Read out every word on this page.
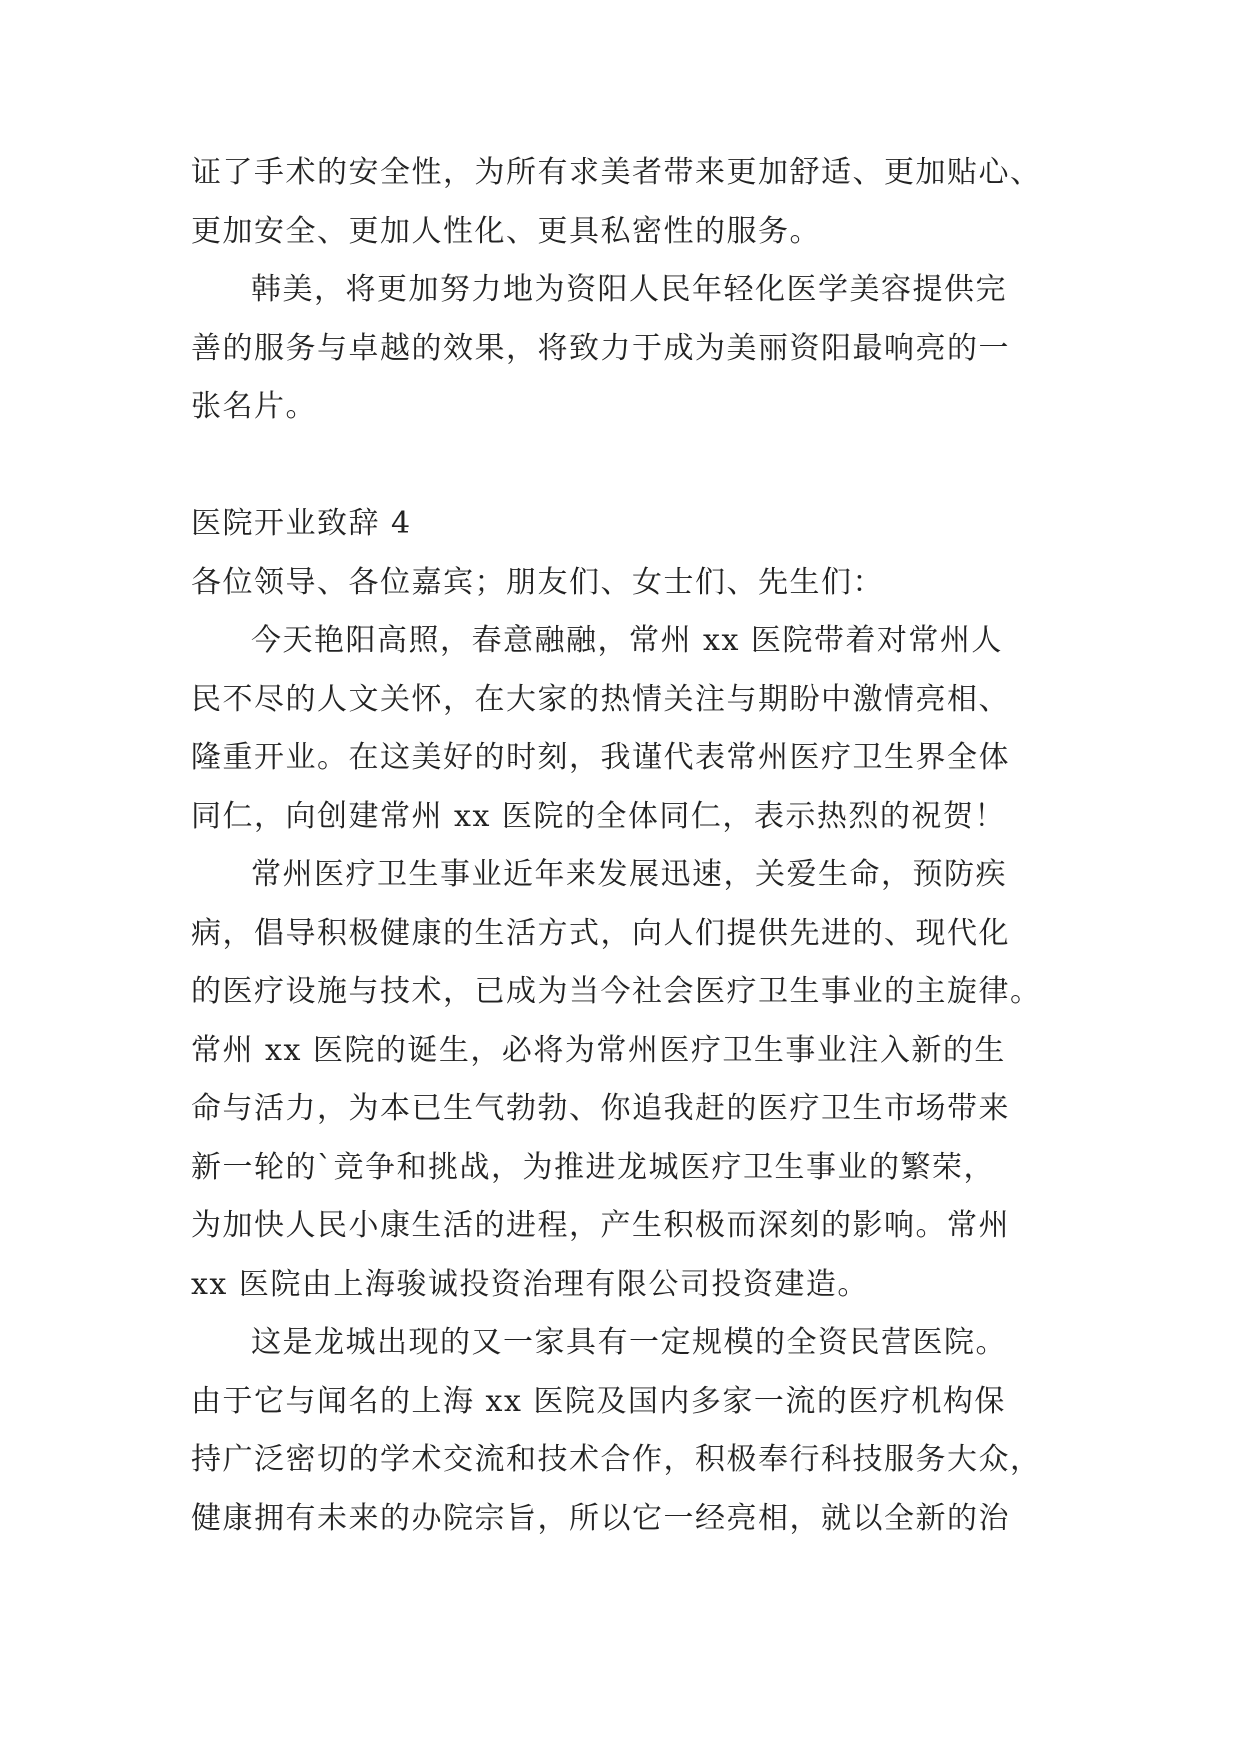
证了手术的安全性，为所有求美者带来更加舒适、更加贴心、
更加安全、更加人性化、更具私密性的服务。
韩美，将更加努力地为资阳人民年轻化医学美容提供完
善的服务与卓越的效果，将致力于成为美丽资阳最响亮的一
张名片。
医院开业致辞 4
各位领导、各位嘉宾；朋友们、女士们、先生们：
今天艳阳高照，春意融融，常州 xx 医院带着对常州人
民不尽的人文关怀，在大家的热情关注与期盼中激情亮相、
隆重开业。在这美好的时刻，我谨代表常州医疗卫生界全体
同仁，向创建常州 xx 医院的全体同仁，表示热烈的祝贺！
常州医疗卫生事业近年来发展迅速，关爱生命，预防疾
病，倡导积极健康的生活方式，向人们提供先进的、现代化
的医疗设施与技术，已成为当今社会医疗卫生事业的主旋律。
常州 xx 医院的诞生，必将为常州医疗卫生事业注入新的生
命与活力，为本已生气勃勃、你追我赶的医疗卫生市场带来
新一轮的`竞争和挑战，为推进龙城医疗卫生事业的繁荣，
为加快人民小康生活的进程，产生积极而深刻的影响。常州
xx 医院由上海骏诚投资治理有限公司投资建造。
这是龙城出现的又一家具有一定规模的全资民营医院。
由于它与闻名的上海 xx 医院及国内多家一流的医疗机构保
持广泛密切的学术交流和技术合作，积极奉行科技服务大众，
健康拥有未来的办院宗旨，所以它一经亮相，就以全新的治
